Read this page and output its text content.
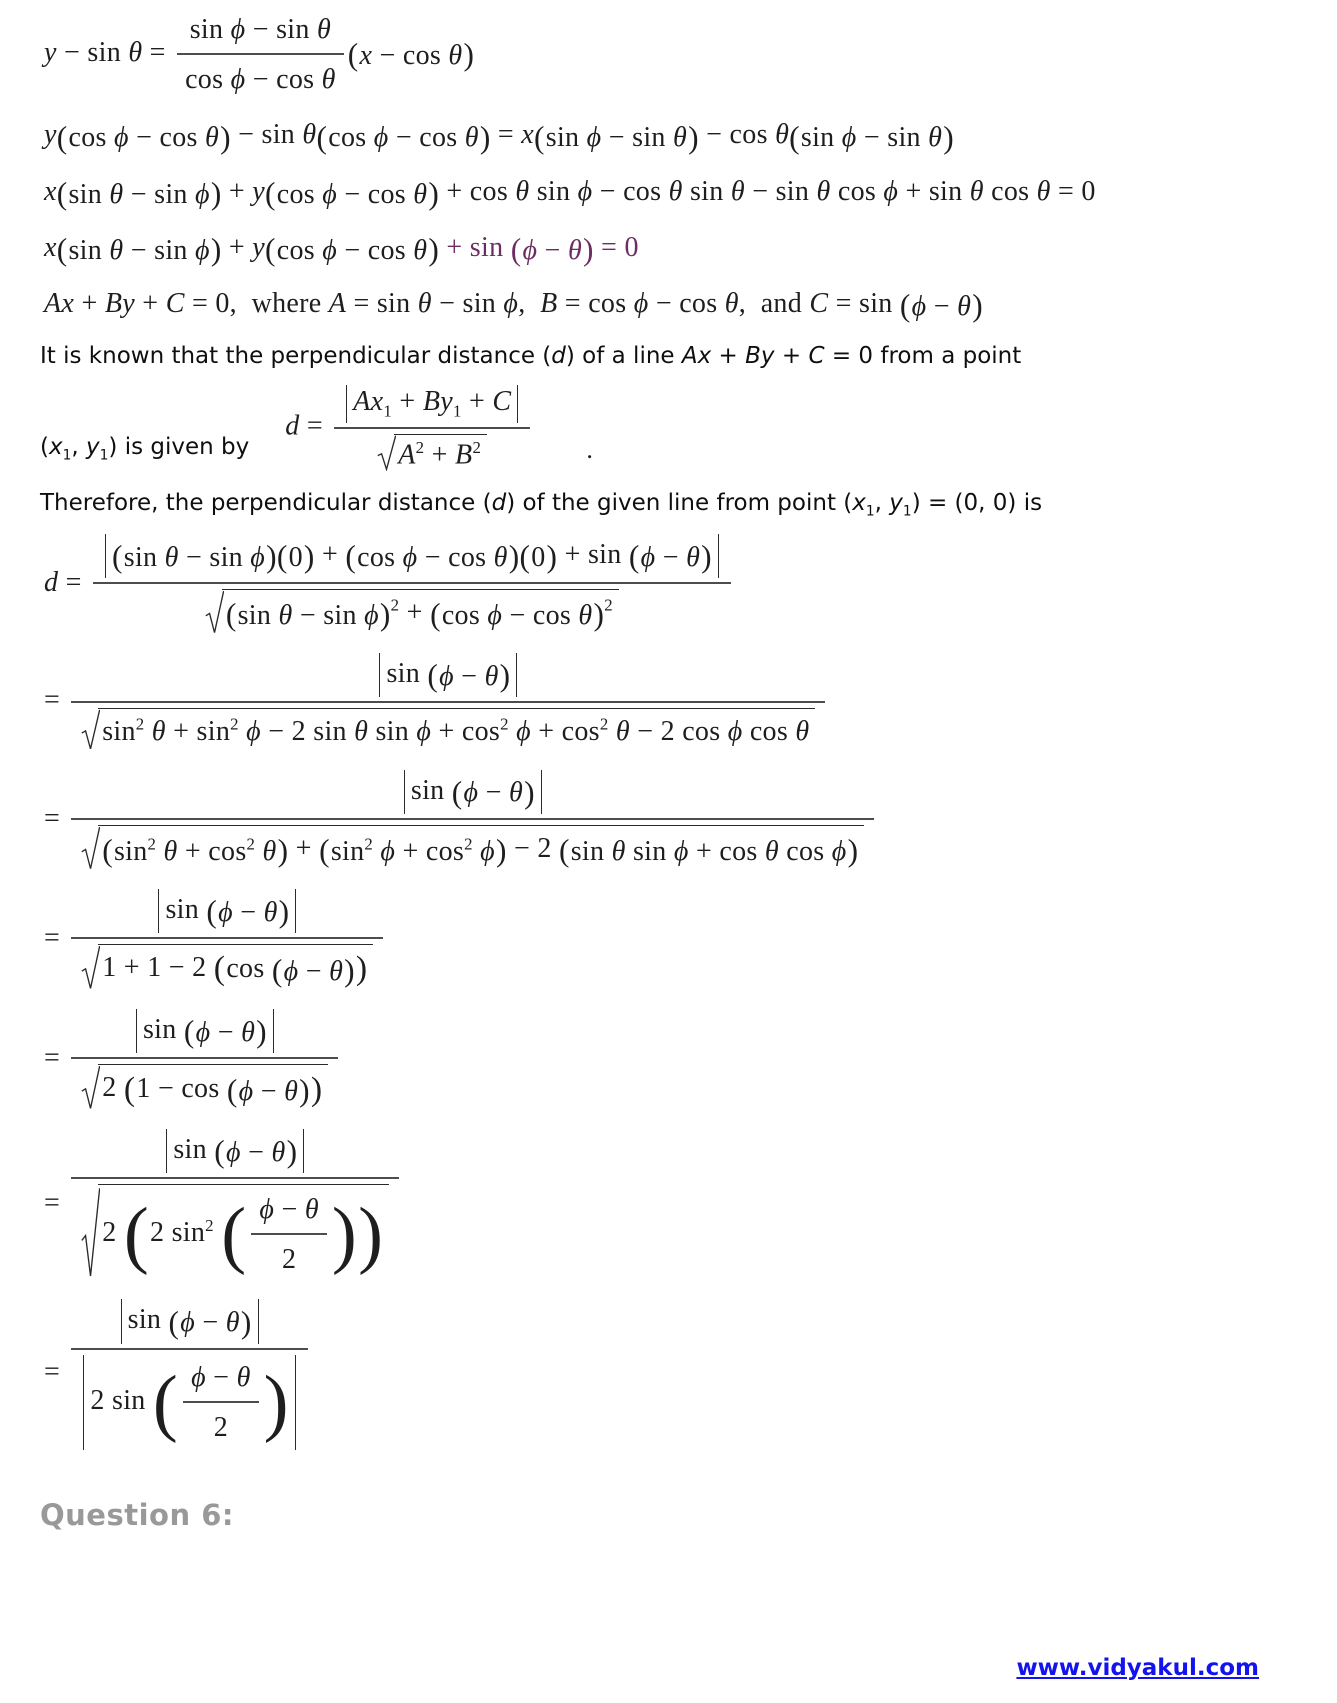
$y - \sin \theta = \frac{\text{sin ϕ − sin θ}}{\text{cos ϕ − cos θ}} (x - \cos \theta)$
y(cos ϕ − cos θ) − sin θ(cos ϕ − cos θ) = x(sin ϕ − sin θ) − cos θ(sin ϕ − sin θ)
x(sin θ − sin ϕ) + y(cos ϕ − cos θ) + cos θ sin ϕ − cos θ sin θ − sin θ cos ϕ + sin θ cos θ = 0
x(sin θ − sin ϕ) + y(cos ϕ − cos θ) + sin (ϕ − θ) = 0
Ax + By + C = 0,  where A = sin θ − sin ϕ,  B = cos ϕ − cos θ,  and C = sin (ϕ − θ)

It is known that the perpendicular distance (d) of a line Ax + By + C = 0 from a point

($x_1$, $y_1$) is given by
$d = \frac{Ax_1 + By_1 + C}{A^2 + B^2}$ .

Therefore, the perpendicular distance (d) of the given line from point ($x_1$, $y_1) = (0$, 0) is

$d = \frac{\text{(sin θ − sin ϕ)(0) + (cos ϕ − cos θ)(0) + sin (ϕ − θ)}}{(\sin \theta - \sin \phi)^2 + (\cos \phi - \cos \theta)^2}$
=
sin (ϕ − θ)
$\sin^2 \theta + \sin^2 \phi - 2$ sin θ $\sin \phi + \cos^2 \phi + \cos^2 \theta - 2$ cos ϕ cos θ
=
sin (ϕ − θ)
($\sin^2$ $\theta + \cos^2 \theta) + (\sin^2$ $\phi + \cos^2 \phi) - 2$ (sin θ sin ϕ + cos θ cos ϕ)
= $\frac{\sin (\phi - \theta)}{1 + 1 - 2 (\cos (\phi - \theta))}$
= $\frac{\sin (\phi - \theta)}{2 (1 - \cos (\phi - \theta))}$
= $\frac{\sin (\phi - \theta)}{2 (2 \sin^2 ( \frac{\phi - \theta}{2} ))}$
= $\frac{\sin (\phi - \theta)}{2 \sin ( \frac{\phi - \theta}{2} )}$
Question 6:
www.vidyakul.com
